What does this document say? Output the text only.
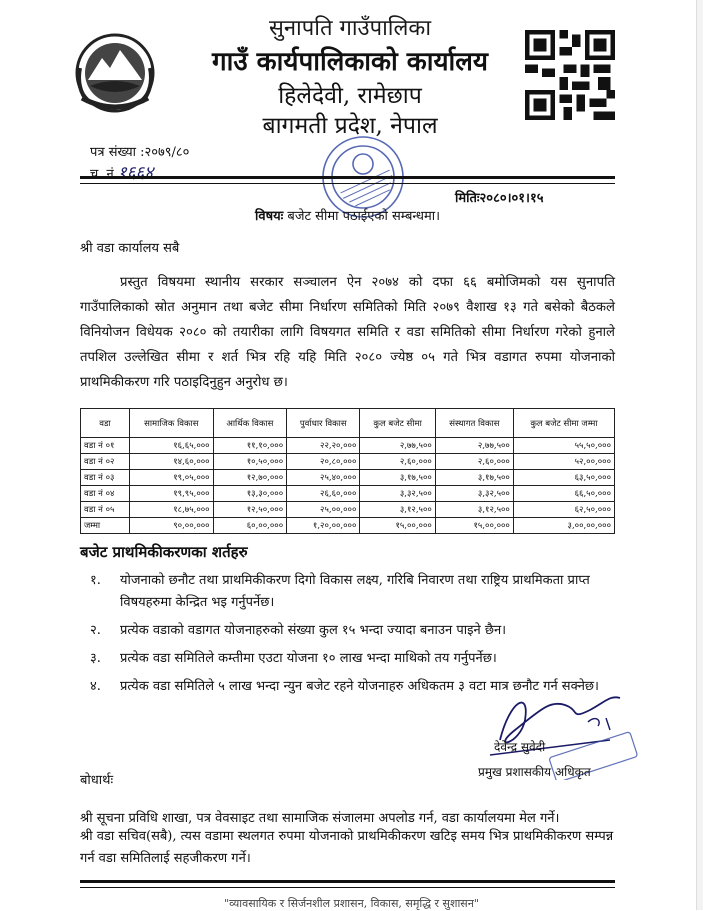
सुनापति गाउँपालिका
गाउँ कार्यपालिकाको कार्यालय
हिलेदेवी, रामेछाप
बागमती प्रदेश, नेपाल
पत्र संख्या :२०७९/८०
च. नं.१६६४
मितिः२०८०।०१।१५
विषयः बजेट सीमा पठाईएको सम्बन्धमा।
श्री वडा कार्यालय सबै
प्रस्तुत विषयमा स्थानीय सरकार सञ्चालन ऐन २०७४ को दफा ६६ बमोजिमको यस सुनापति गाउँपालिकाको स्रोत अनुमान तथा बजेट सीमा निर्धारण समितिको मिति २०७९ वैशाख १३ गते बसेको बैठकले विनियोजन विधेयक २०८० को तयारीका लागि विषयगत समिति र वडा समितिको सीमा निर्धारण गरेको हुनाले तपशिल उल्लेखित सीमा र शर्त भित्र रहि यहि मिति २०८० ज्येष्ठ ०५ गते भित्र वडागत रुपमा योजनाको प्राथमिकीकरण गरि पठाइदिनुहुन अनुरोध छ।
वडा	सामाजिक विकास	आर्थिक विकास	पुर्वाधार विकास	कुल बजेट सीमा	संस्थागत विकास	कुल बजेट सीमा जम्मा
वडा नं ०१	१६,६५,०००	११,१०,०००	२२,२०,०००	२,७७,५००	२,७७,५००	५५,५०,०००
वडा नं ०२	१४,६०,०००	१०,५०,०००	२०,८०,०००	२,६०,०००	२,६०,०००	५२,००,०००
वडा नं ०३	१९,०५,०००	१२,७०,०००	२५,४०,०००	३,१७,५००	३,१७,५००	६३,५०,०००
वडा नं ०४	१९,९५,०००	१३,३०,०००	२६,६०,०००	३,३२,५००	३,३२,५००	६६,५०,०००
वडा नं ०५	१८,७५,०००	१२,५०,०००	२५,००,०००	३,१२,५००	३,१२,५००	६२,५०,०००
जम्मा	९०,००,०००	६०,००,०००	१,२०,००,०००	१५,००,०००	१५,००,०००	३,००,००,०००
बजेट प्राथमिकीकरणका शर्तहरु
१. योजनाको छनौट तथा प्राथमिकीकरण दिगो विकास लक्ष्य, गरिबि निवारण तथा राष्ट्रिय प्राथमिकता प्राप्त विषयहरुमा केन्द्रित भइ गर्नुपर्नेछ।
२. प्रत्येक वडाको वडागत योजनाहरुको संख्या कुल १५ भन्दा ज्यादा बनाउन पाइने छैन।
३. प्रत्येक वडा समितिले कम्तीमा एउटा योजना १० लाख भन्दा माथिको तय गर्नुपर्नेछ।
४. प्रत्येक वडा समितिले ५ लाख भन्दा न्युन बजेट रहने योजनाहरु अधिकतम ३ वटा मात्र छनौट गर्न सक्नेछ।
देवेन्द्र सुवेदी
प्रमुख प्रशासकीय अधिकृत
बोधार्थः
श्री सूचना प्रविधि शाखा, पत्र वेवसाइट तथा सामाजिक संजालमा अपलोड गर्न, वडा कार्यालयमा मेल गर्ने।
श्री वडा सचिव(सबै), त्यस वडामा स्थलगत रुपमा योजनाको प्राथमिकीकरण खटिइ समय भित्र प्राथमिकीकरण सम्पन्न गर्न वडा समितिलाई सहजीकरण गर्ने।
"व्यावसायिक र सिर्जनशील प्रशासन, विकास, समृद्धि र सुशासन"
